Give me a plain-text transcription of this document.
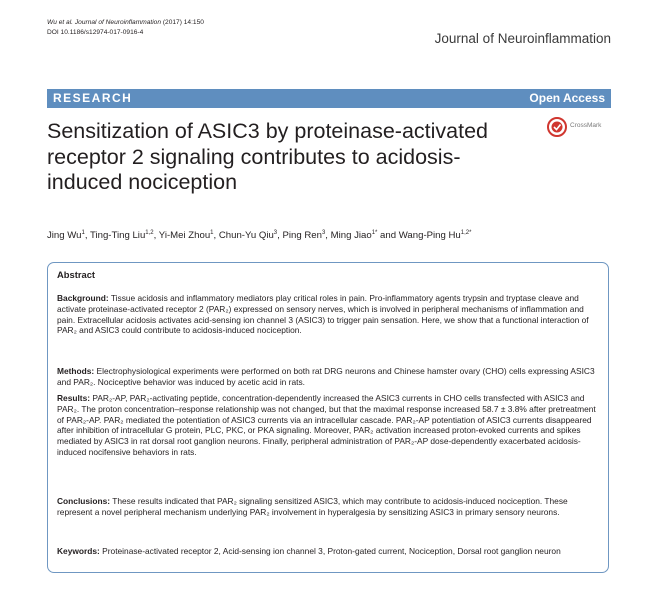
Wu et al. Journal of Neuroinflammation (2017) 14:150
DOI 10.1186/s12974-017-0916-4	Journal of Neuroinflammation
RESEARCH	Open Access
Sensitization of ASIC3 by proteinase-activated receptor 2 signaling contributes to acidosis-induced nociception
CrossMark
Jing Wu$^1$, Ting-Ting Liu$^{1,2}$, Yi-Mei Zhou$^1$, Chun-Yu Qiu$^3$, Ping Ren$^3$, Ming Jiao$^{1*}$ and Wang-Ping $Hu^{1,2*}$
Abstract
Background: Tissue acidosis and inflammatory mediators play critical roles in pain. Pro-inflammatory agents trypsin and tryptase cleave and activate proteinase-activated receptor 2 (PAR₂) expressed on sensory nerves, which is involved in peripheral mechanisms of inflammation and pain. Extracellular acidosis activates acid-sensing ion channel 3 (ASIC3) to trigger pain sensation. Here, we show that a functional interaction of PAR₂ and ASIC3 could contribute to acidosis-induced nociception.
Methods: Electrophysiological experiments were performed on both rat DRG neurons and Chinese hamster ovary (CHO) cells expressing ASIC3 and PAR₂. Nociceptive behavior was induced by acetic acid in rats.
Results: PAR₂-AP, PAR₂-activating peptide, concentration-dependently increased the ASIC3 currents in CHO cells transfected with ASIC3 and PAR₂. The proton concentration–response relationship was not changed, but that the maximal response increased 58.7 ± 3.8% after pretreatment of PAR₂-AP. PAR₂ mediated the potentiation of ASIC3 currents via an intracellular cascade. PAR₂-AP potentiation of ASIC3 currents disappeared after inhibition of intracellular G protein, PLC, PKC, or PKA signaling. Moreover, PAR₂ activation increased proton-evoked currents and spikes mediated by ASIC3 in rat dorsal root ganglion neurons. Finally, peripheral administration of PAR₂-AP dose-dependently exacerbated acidosis-induced nocifensive behaviors in rats.
Conclusions: These results indicated that PAR₂ signaling sensitized ASIC3, which may contribute to acidosis-induced nociception. These represent a novel peripheral mechanism underlying PAR₂ involvement in hyperalgesia by sensitizing ASIC3 in primary sensory neurons.
Keywords: Proteinase-activated receptor 2, Acid-sensing ion channel 3, Proton-gated current, Nociception, Dorsal root ganglion neuron
